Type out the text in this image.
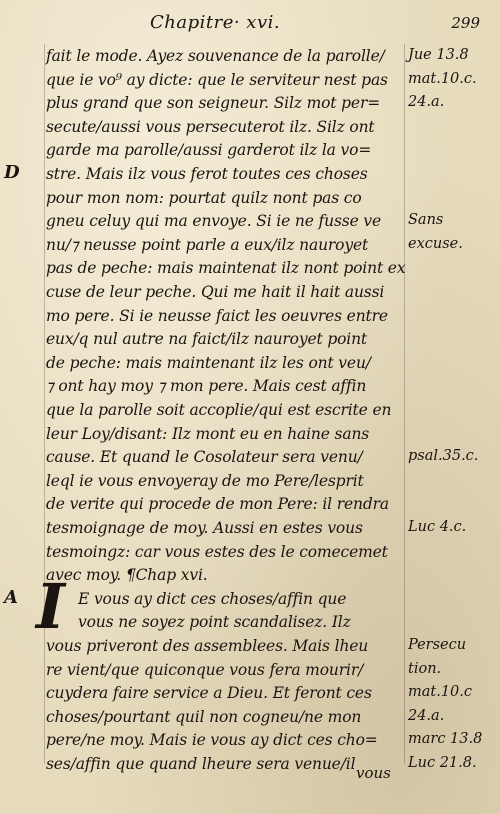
Chapitre· xvi.	299
D
A
fait le mode. Ayez souvenance de la parolle/
que ie vo⁹ ay dicte: que le serviteur nest pas
plus grand que son seigneur. Silz mot per=
secute/aussi vous persecuterot ilz. Silz ont
garde ma parolle/aussi garderot ilz la vo=
stre. Mais ilz vous ferot toutes ces choses
pour mon nom: pourtat quilz nont pas co
gneu celuy qui ma envoye. Si ie ne fusse ve
nu/⁊ neusse point parle a eux/ilz nauroyet
pas de peche: mais maintenat ilz nont point ex
cuse de leur peche. Qui me hait il hait aussi
mo pere. Si ie neusse faict les oeuvres entre
eux/q nul autre na faict/ilz nauroyet point
de peche: mais maintenant ilz les ont veu/
⁊ ont hay moy ⁊ mon pere. Mais cest affin
que la parolle soit accoplie/qui est escrite en
leur Loy/disant: Ilz mont eu en haine sans
cause. Et quand le Cosolateur sera venu/
leql ie vous envoyeray de mo Pere/lesprit
de verite qui procede de mon Pere: il rendra
tesmoignage de moy. Aussi en estes vous
tesmoingz: car vous estes des le comecemet
avec moy. ¶Chap xvi.
E vous ay dict ces choses/affin que
vous ne soyez point scandalisez. Ilz
vous priveront des assemblees. Mais lheu
re vient/que quiconque vous fera mourir/
cuydera faire service a Dieu. Et feront ces
choses/pourtant quil non cogneu/ne mon
pere/ne moy. Mais ie vous ay dict ces cho=
ses/affin que quand lheure sera venue/il
Jue 13.8
mat.10.c.
24.a.
Sans
excuse.
psal.35.c.
Luc 4.c.
Persecu
tion.
mat.10.c
24.a.
marc 13.8
Luc 21.8.
I
vous
